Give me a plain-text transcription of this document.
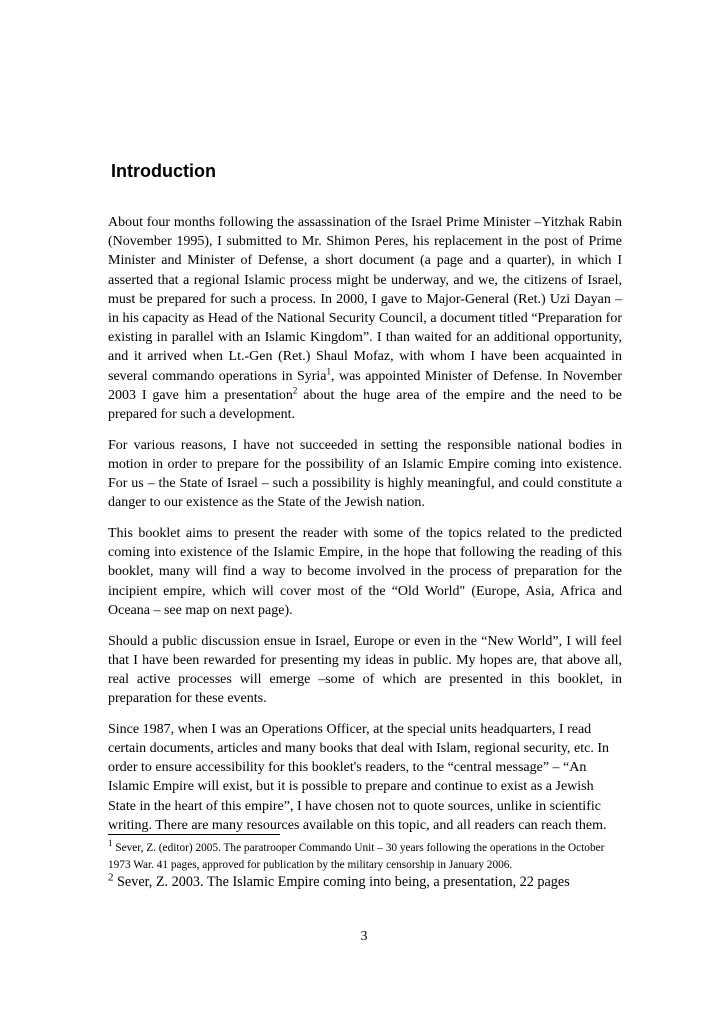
Introduction

About four months following the assassination of the Israel Prime Minister –Yitzhak Rabin (November 1995), I submitted to Mr. Shimon Peres, his replacement in the post of Prime Minister and Minister of Defense, a short document (a page and a quarter), in which I asserted that a regional Islamic process might be underway, and we, the citizens of Israel, must be prepared for such a process. In 2000, I gave to Major-General (Ret.) Uzi Dayan – in his capacity as Head of the National Security Council, a document titled “Preparation for existing in parallel with an Islamic Kingdom”. I than waited for an additional opportunity, and it arrived when Lt.-Gen (Ret.) Shaul Mofaz, with whom I have been acquainted in several commando operations in Syria$^1$, was appointed Minister of Defense. In November 2003 I gave him a presentation$^2$ about the huge area of the empire and the need to be prepared for such a development.

For various reasons, I have not succeeded in setting the responsible national bodies in motion in order to prepare for the possibility of an Islamic Empire coming into existence. For us – the State of Israel – such a possibility is highly meaningful, and could constitute a danger to our existence as the State of the Jewish nation.

This booklet aims to present the reader with some of the topics related to the predicted coming into existence of the Islamic Empire, in the hope that following the reading of this booklet, many will find a way to become involved in the process of preparation for the incipient empire, which will cover most of the “Old World" (Europe, Asia, Africa and Oceana – see map on next page).

Should a public discussion ensue in Israel, Europe or even in the “New World”, I will feel that I have been rewarded for presenting my ideas in public. My hopes are, that above all, real active processes will emerge –some of which are presented in this booklet, in preparation for these events.

Since 1987, when I was an Operations Officer, at the special units headquarters, I read certain documents, articles and many books that deal with Islam, regional security, etc. In order to ensure accessibility for this booklet's readers, to the “central message” – “An Islamic Empire will exist, but it is possible to prepare and continue to exist as a Jewish State in the heart of this empire”, I have chosen not to quote sources, unlike in scientific writing. There are many resources available on this topic, and all readers can reach them.

$^1$ Sever, Z. (editor) 2005. The paratrooper Commando Unit – 30 years following the operations in the October 1973 War. 41 pages, approved for publication by the military censorship in January 2006.

$^2$ Sever, Z. 2003. The Islamic Empire coming into being, a presentation, 22 pages

3
